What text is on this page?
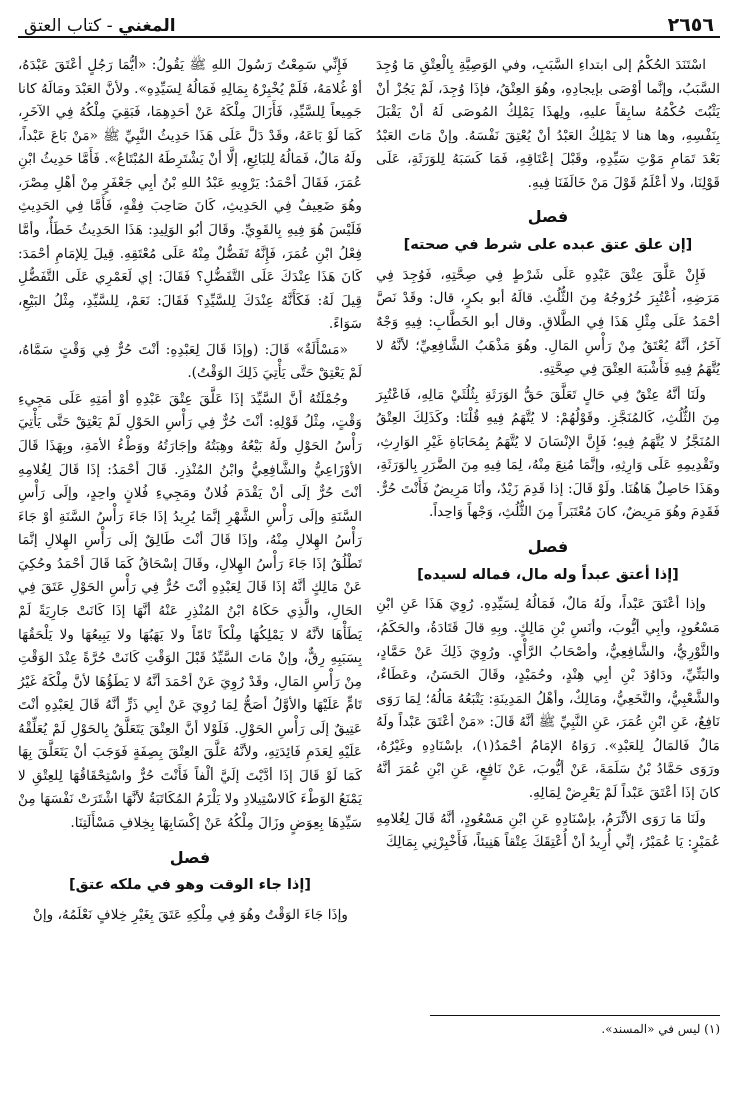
٢٦٥٦
المغني - كتاب العتق

اسْتَنَدَ الحُكْمُ إلى ابتداءِ السَّبَبِ، وفي الوَصِيَّةِ بِالْعِتْقِ مَا وُجِدَ السَّبَبُ، وإنَّما أوْصَى بإيجادِهِ، وهُوَ العِتْقُ، فإذَا وُجِدَ، لَمْ يَجُزْ أنْ يَثْبُتَ حُكْمُهُ سابِقاً عليهِ، ولِهذَا يَمْلِكُ المُوصَى لَهُ أنْ يَقْبَلَ بِنَفْسِهِ، وها هنا لا يَمْلِكُ العَبْدُ أنْ يُعْتِقَ نَفْسَهُ. وإنْ مَاتَ العَبْدُ بَعْدَ تَمَامِ مَوْتِ سَيِّدِهِ، وقَبْلَ إعْتَاقِهِ، فَمَا كَسَبَهُ لِلوَرَثَةِ، عَلَى قَوْلِنَا، ولا أعْلَمُ قَوْلَ مَنْ خَالَفَنَا فِيهِ.

فصل
[إن علق عتق عبده على شرط في صحته]

فَإِنْ عَلَّقَ عِتْقَ عَبْدِهِ عَلَى شَرْطٍ فِي صِحَّتِهِ، فَوُجِدَ فِي مَرَضِهِ، اُعْتُبِرَ خُرُوجُهُ مِنَ الثُّلُثِ. قالَهُ أبو بكرٍ، قال: وقَدْ نَصَّ أحْمَدُ عَلَى مِثْلِ هَذَا فِي الطَّلاقِ. وقال أبو الخَطَّابِ: فِيهِ وَجْهٌ آخَرُ، أنَّهُ يُعْتَقُ مِنْ رَأْسِ المَالِ. وهُوَ مَذْهَبُ الشَّافِعِيِّ؛ لأنَّهُ لا يُتَّهَمُ فِيهِ فَأَشْبَهَ العِتْقَ فِي صِحَّتِهِ.

ولَنَا أنَّهُ عِتْقٌ فِي حَالٍ تَعَلَّقَ حَقُّ الوَرَثَةِ بِثُلُثَيْ مَالِهِ، فَاعْتُبِرَ مِنَ الثُّلُثِ، كَالمُنَجَّزِ. وقَوْلُهُمْ: لا يُتَّهَمُ فِيهِ قُلْنَا: وكَذَلِكَ العِتْقُ المُنَجَّزُ لا يُتَّهَمُ فِيهِ؛ فَإِنَّ الإنْسَانَ لا يُتَّهَمُ بِمُحَابَاةِ غَيْرِ الوَارِثِ، وتَقْدِيمِهِ عَلَى وَارِثِهِ، وإنَّمَا مُنِعَ مِنْهُ، لِمَا فِيهِ مِنَ الضَّرَرِ بِالوَرَثَةِ، وهَذَا حَاصِلٌ هَاهُنَا. ولَوْ قَالَ: إذا قَدِمَ زَيْدٌ، وأنَا مَرِيضٌ فَأَنْتَ حُرٌّ. فَقَدِمَ وهُوَ مَرِيضٌ، كانَ مُعْتَبَراً مِنَ الثُّلُثِ، وَجْهاً وَاحِداً.

فصل
[إذا أعتق عبداً وله مال، فماله لسيده]

وإذا أعْتَقَ عَبْداً، ولَهُ مَالٌ، فَمَالُهُ لِسَيِّدِهِ. رُوِيَ هَذَا عَنِ ابْنِ مَسْعُودٍ، وأبِي أيُّوبَ، وأنَسِ بْنِ مَالِكٍ. وبِهِ قالَ قَتَادَةُ، والحَكَمُ، والثَّوْرِيُّ، والشَّافِعِيُّ، وأصْحَابُ الرَّأْيِ. ورُوِيَ ذَلِكَ عَنْ حَمَّادٍ، والبَتِّيِّ، ودَاوُدَ بْنِ أبِي هِنْدٍ، وحُمَيْدٍ، وقَالَ الحَسَنُ، وعَطَاءٌ، والشَّعْبِيُّ، والنَّخَعِيُّ، ومَالِكٌ، وأهْلُ المَدِينَةِ: يَتْبَعُهُ مَالُهُ؛ لِمَا رَوَى نَافِعٌ، عَنِ ابْنِ عُمَرَ، عَنِ النَّبِيِّ ﷺ أنَّهُ قَالَ: «مَنْ أعْتَقَ عَبْداً ولَهُ مَالٌ فَالمَالُ لِلعَبْدِ». رَوَاهُ الإمَامُ أحْمَدُ(١)، بإسْنَادِهِ وغَيْرُهُ، ورَوَى حَمَّادُ بْنُ سَلَمَةَ، عَنْ أيُّوبَ، عَنْ نَافِعٍ، عَنِ ابْنِ عُمَرَ أنَّهُ كانَ إذَا أعْتَقَ عَبْداً لَمْ يَعْرِضْ لِمَالِهِ.

ولَنَا مَا رَوَى الأثْرَمُ، بإسْنَادِهِ عَنِ ابْنِ مَسْعُودٍ، أنَّهُ قَالَ لِغُلامِهِ عُمَيْرٍ: يَا عُمَيْرُ، إنِّي أُرِيدُ أنْ أُعْتِقَكَ عِتْقاً هَنِيئاً، فَأَخْبِرْنِي بِمَالِكَ

فَإِنِّي سَمِعْتُ رَسُولَ اللهِ ﷺ يَقُولُ: «أيُّمَا رَجُلٍ أعْتَقَ عَبْدَهُ، أوْ غُلامَهُ، فَلَمْ يُخْبِرْهُ بِمَالِهِ فَمَالُهُ لِسَيِّدِهِ». ولأنَّ العَبْدَ ومَالَهُ كانا جَمِيعاً لِلسَّيِّدِ، فَأَزَالَ مِلْكَهُ عَنْ أحَدِهِمَا، فَبَقِيَ مِلْكُهُ فِي الآخَرِ، كَمَا لَوْ بَاعَهُ، وقَدْ دَلَّ عَلَى هَذَا حَدِيثُ النَّبِيِّ ﷺ «مَنْ بَاعَ عَبْداً، ولَهُ مَالٌ، فَمَالُهُ لِلبَائِعِ، إلَّا أنْ يَشْتَرِطَهُ المُبْتَاعُ». فَأَمَّا حَدِيثُ ابْنِ عُمَرَ، فَقَالَ أحْمَدُ: يَرْوِيهِ عَبْدُ اللهِ بْنُ أبِي جَعْفَرٍ مِنْ أهْلِ مِصْرَ، وهُوَ ضَعِيفٌ فِي الحَدِيثِ، كَانَ صَاحِبَ فِقْهٍ، فَأَمَّا فِي الحَدِيثِ فَلَيْسَ هُوَ فِيهِ بِالقَوِيِّ. وقَالَ أبُو الوَلِيدِ: هَذَا الحَدِيثُ خَطَأٌ، وأمَّا فِعْلُ ابْنِ عُمَرَ، فَإِنَّهُ تَفَضُّلٌ مِنْهُ عَلَى مُعْتَقِهِ. قِيلَ لِلإمَامِ أحْمَدَ: كَانَ هَذَا عِنْدَكَ عَلَى التَّفَضُّلِ؟ فَقَالَ: إي لَعَمْرِي عَلَى التَّفَضُّلِ قِيلَ لَهُ: فَكَأَنَّهُ عِنْدَكَ لِلسَّيِّدِ؟ فَقَالَ: نَعَمْ، لِلسَّيِّدِ، مِثْلُ البَيْعِ، سَوَاءً.

«مَسْأَلَةٌ» قَالَ: (وإذَا قَالَ لِعَبْدِهِ: أنْتَ حُرٌّ فِي وَقْتٍ سَمَّاهُ، لَمْ يَعْتِقْ حَتَّى يَأْتِيَ ذَلِكَ الوَقْتُ).

وجُمْلَتُهُ أنَّ السَّيِّدَ إذَا عَلَّقَ عِتْقَ عَبْدِهِ أوْ أمَتِهِ عَلَى مَجِيءِ وَقْتٍ، مِثْلُ قَوْلِهِ: أنْتَ حُرٌّ فِي رَأْسِ الحَوْلِ لَمْ يَعْتِقْ حَتَّى يَأْتِيَ رَأْسُ الحَوْلِ ولَهُ بَيْعُهُ وهِبَتُهُ وإجَارَتُهُ ووَطْءُ الأمَةِ، وبِهَذَا قَالَ الأوْزَاعِيُّ والشَّافِعِيُّ وابْنُ المُنْذِرِ. قَالَ أحْمَدُ: إذَا قَالَ لِغُلامِهِ أنْتَ حُرٌّ إلَى أنْ يَقْدَمَ فُلانٌ ومَجِيءِ فُلانٍ واحِدٍ، وإلَى رَأْسِ السَّنَةِ وإلَى رَأْسِ الشَّهْرِ إنَّمَا يُرِيدُ إذَا جَاءَ رَأْسُ السَّنَةِ أوْ جَاءَ رَأْسُ الهِلالِ مِنْهُ، وإذَا قَالَ أنْتَ طَالِقٌ إلَى رَأْسِ الهِلالِ إنَّمَا تَطْلُقُ إذَا جَاءَ رَأْسُ الهِلالِ، وقَالَ إسْحَاقُ كَمَا قَالَ أحْمَدُ وحُكِيَ عَنْ مَالِكٍ أنَّهُ إذَا قَالَ لِعَبْدِهِ أنْتَ حُرٌّ فِي رَأْسِ الحَوْلِ عَتَقَ فِي الحَالِ، والَّذِي حَكَاهُ ابْنُ المُنْذِرِ عَنْهُ أنَّهَا إذَا كَانَتْ جَارِيَةً لَمْ يَطَأْهَا لأنَّهُ لا يَمْلِكُهَا مِلْكاً تَامّاً ولا يَهَبُهَا ولا يَبِيعُهَا ولا يَلْحَقُهَا بِسَبَبِهِ رِقٌّ، وإنْ مَاتَ السَّيِّدُ قَبْلَ الوَقْتِ كَانَتْ حُرَّةً عِنْدَ الوَقْتِ مِنْ رَأْسِ المَالِ، وقَدْ رُوِيَ عَنْ أحْمَدَ أنَّهُ لا يَطَؤُهَا لأنَّ مِلْكَهُ غَيْرُ تَامٍّ عَلَيْهَا والأوَّلُ أصَحُّ لِمَا رُوِيَ عَنْ أبِي ذَرٍّ أنَّهُ قَالَ لِعَبْدِهِ أنْتَ عَتِيقٌ إلَى رَأْسِ الحَوْلِ. فَلَوْلا أنَّ العِتْقَ يَتَعَلَّقُ بِالحَوْلِ لَمْ يُعَلِّقْهُ عَلَيْهِ لِعَدَمِ فَائِدَتِهِ، ولأنَّهُ عَلَّقَ العِتْقَ بِصِفَةٍ فَوَجَبَ أنْ يَتَعَلَّقَ بِهَا كَمَا لَوْ قَالَ إذَا أدَّيْتَ إلَيَّ ألْفاً فَأَنْتَ حُرٌّ واسْتِحْقَاقُهَا لِلعِتْقِ لا يَمْنَعُ الوَطْءَ كَالاسْتِيلادِ ولا يَلْزَمُ المُكَاتَبَةُ لأنَّهَا اشْتَرَتْ نَفْسَهَا مِنْ سَيِّدِهَا بِعِوَضٍ وزَالَ مِلْكُهُ عَنْ إكْسَابِهَا بِخِلافِ مَسْأَلَتِنَا.

فصل
[إذا جاء الوقت وهو في ملكه عتق]

وإذَا جَاءَ الوَقْتُ وهُوَ فِي مِلْكِهِ عَتَقَ بِغَيْرِ خِلافٍ نَعْلَمُهُ، وإنْ

(١) ليس في «المسند».
